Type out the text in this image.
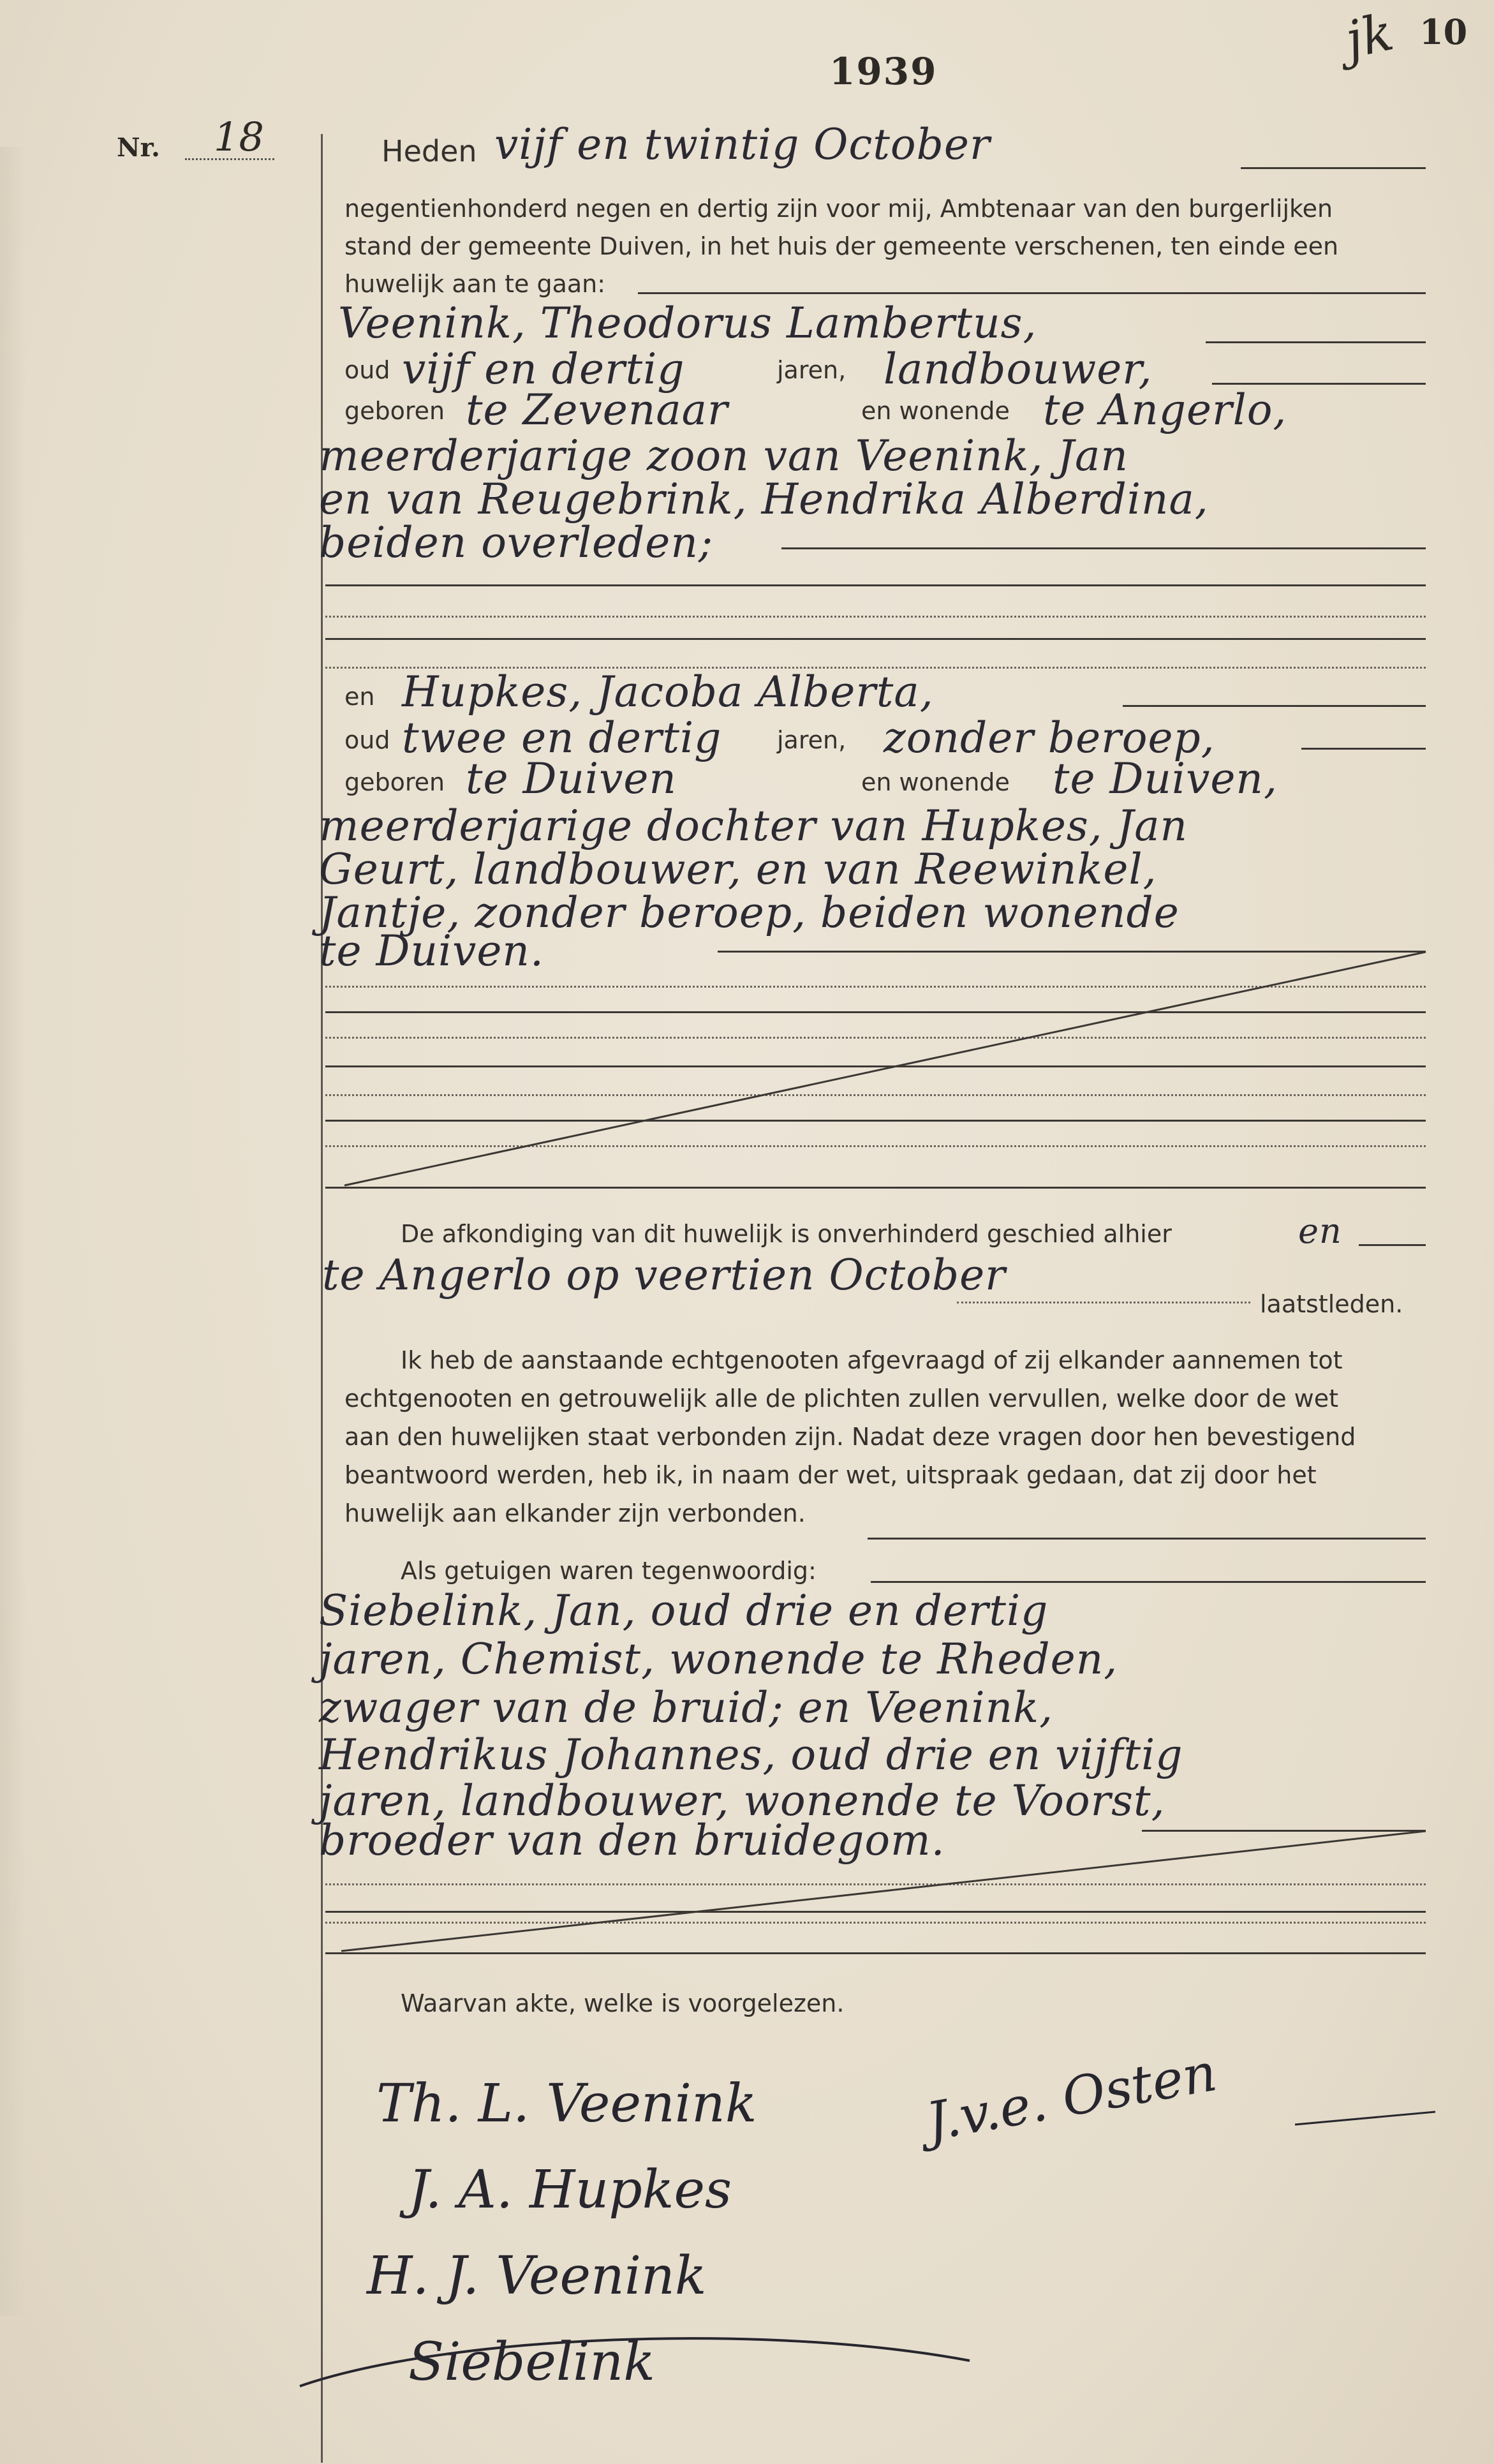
1939
jk 10
Nr. 18	Heden vijf en twintig October
negentienhonderd negen en dertig zijn voor mij, Ambtenaar van den burgerlijken
stand der gemeente Duiven, in het huis der gemeente verschenen, ten einde een
huwelijk aan te gaan:
Veenink, Theodorus Lambertus,
oud vijf en dertig	jaren, landbouwer,
geboren te Zevenaar	en wonende te Angerlo,
meerderjarige zoon van Veenink, Jan
en van Reugebrink, Hendrika Alberdina,
beiden overleden;
en Hupkes, Jacoba Alberta,
oud twee en dertig jaren, zonder beroep,
geboren te Duiven	en wonende te Duiven,
meerderjarige dochter van Hupkes, Jan
Geurt, landbouwer, en van Reewinkel,
Jantje, zonder beroep, beiden wonende
te Duiven.
De afkondiging van dit huwelijk is onverhinderd geschied alhier	en
te Angerlo op veertien October
laatstleden.
Ik heb de aanstaande echtgenooten afgevraagd of zij elkander aannemen tot
echtgenooten en getrouwelijk alle de plichten zullen vervullen, welke door de wet
aan den huwelijken staat verbonden zijn. Nadat deze vragen door hen bevestigend
beantwoord werden, heb ik, in naam der wet, uitspraak gedaan, dat zij door het
huwelijk aan elkander zijn verbonden.
Als getuigen waren tegenwoordig:
Siebelink, Jan, oud drie en dertig
jaren, Chemist, wonende te Rheden,
zwager van de bruid; en Veenink,
Hendrikus Johannes, oud drie en vijftig
jaren, landbouwer, wonende te Voorst,
broeder van den bruidegom.
Waarvan akte, welke is voorgelezen.
Th. L. Veenink
J. A. Hupkes
H. J. Veenink
Siebelink
J.v.e. Osten
